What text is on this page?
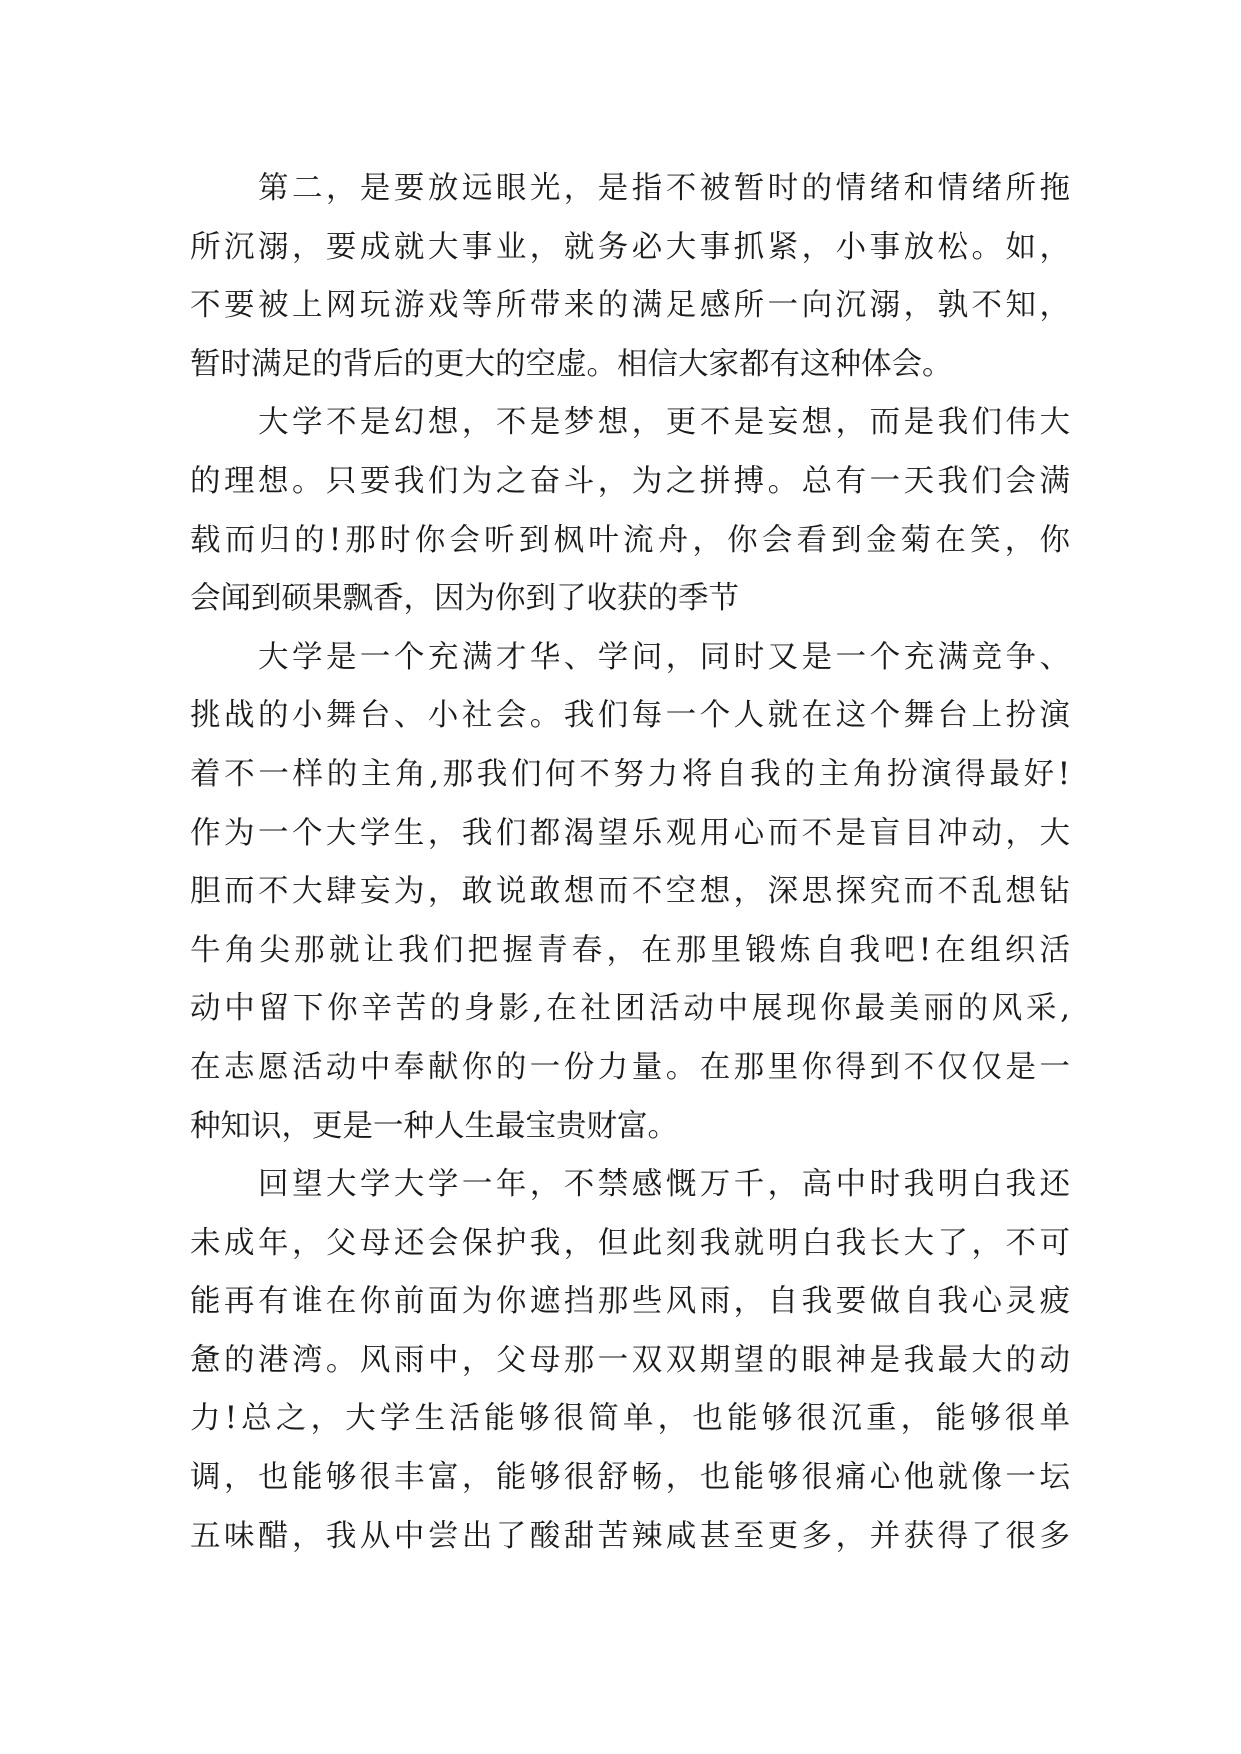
第二，是要放远眼光，是指不被暂时的情绪和情绪所拖
所沉溺，要成就大事业，就务必大事抓紧，小事放松。如，
不要被上网玩游戏等所带来的满足感所一向沉溺，孰不知，
暂时满足的背后的更大的空虚。相信大家都有这种体会。
大学不是幻想，不是梦想，更不是妄想，而是我们伟大
的理想。只要我们为之奋斗，为之拼搏。总有一天我们会满
载而归的!那时你会听到枫叶流舟，你会看到金菊在笑，你
会闻到硕果飘香，因为你到了收获的季节
大学是一个充满才华、学问，同时又是一个充满竞争、
挑战的小舞台、小社会。我们每一个人就在这个舞台上扮演
着不一样的主角,那我们何不努力将自我的主角扮演得最好!
作为一个大学生，我们都渴望乐观用心而不是盲目冲动，大
胆而不大肆妄为，敢说敢想而不空想，深思探究而不乱想钻
牛角尖那就让我们把握青春，在那里锻炼自我吧!在组织活
动中留下你辛苦的身影,在社团活动中展现你最美丽的风采,
在志愿活动中奉献你的一份力量。在那里你得到不仅仅是一
种知识，更是一种人生最宝贵财富。
回望大学大学一年，不禁感慨万千，高中时我明白我还
未成年，父母还会保护我，但此刻我就明白我长大了，不可
能再有谁在你前面为你遮挡那些风雨，自我要做自我心灵疲
惫的港湾。风雨中，父母那一双双期望的眼神是我最大的动
力!总之，大学生活能够很简单，也能够很沉重，能够很单
调，也能够很丰富，能够很舒畅，也能够很痛心他就像一坛
五味醋，我从中尝出了酸甜苦辣咸甚至更多，并获得了很多
